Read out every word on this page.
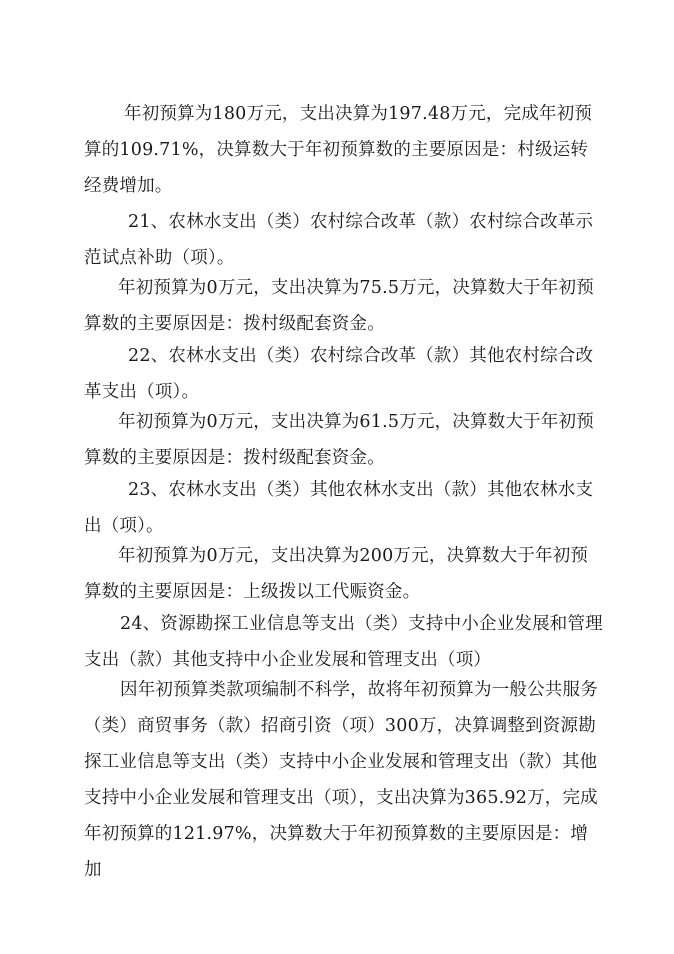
年初预算为180万元，支出决算为197.48万元，完成年初预算的109.71%，决算数大于年初预算数的主要原因是：村级运转经费增加。

21、农林水支出（类）农村综合改革（款）农村综合改革示范试点补助（项）。

年初预算为0万元，支出决算为75.5万元，决算数大于年初预算数的主要原因是：拨村级配套资金。

22、农林水支出（类）农村综合改革（款）其他农村综合改革支出（项）。

年初预算为0万元，支出决算为61.5万元，决算数大于年初预算数的主要原因是：拨村级配套资金。

23、农林水支出（类）其他农林水支出（款）其他农林水支出（项）。

年初预算为0万元，支出决算为200万元，决算数大于年初预算数的主要原因是：上级拨以工代赈资金。

24、资源勘探工业信息等支出（类）支持中小企业发展和管理支出（款）其他支持中小企业发展和管理支出（项）

因年初预算类款项编制不科学，故将年初预算为一般公共服务（类）商贸事务（款）招商引资（项）300万，决算调整到资源勘探工业信息等支出（类）支持中小企业发展和管理支出（款）其他支持中小企业发展和管理支出（项），支出决算为365.92万，完成年初预算的121.97%，决算数大于年初预算数的主要原因是：增加
